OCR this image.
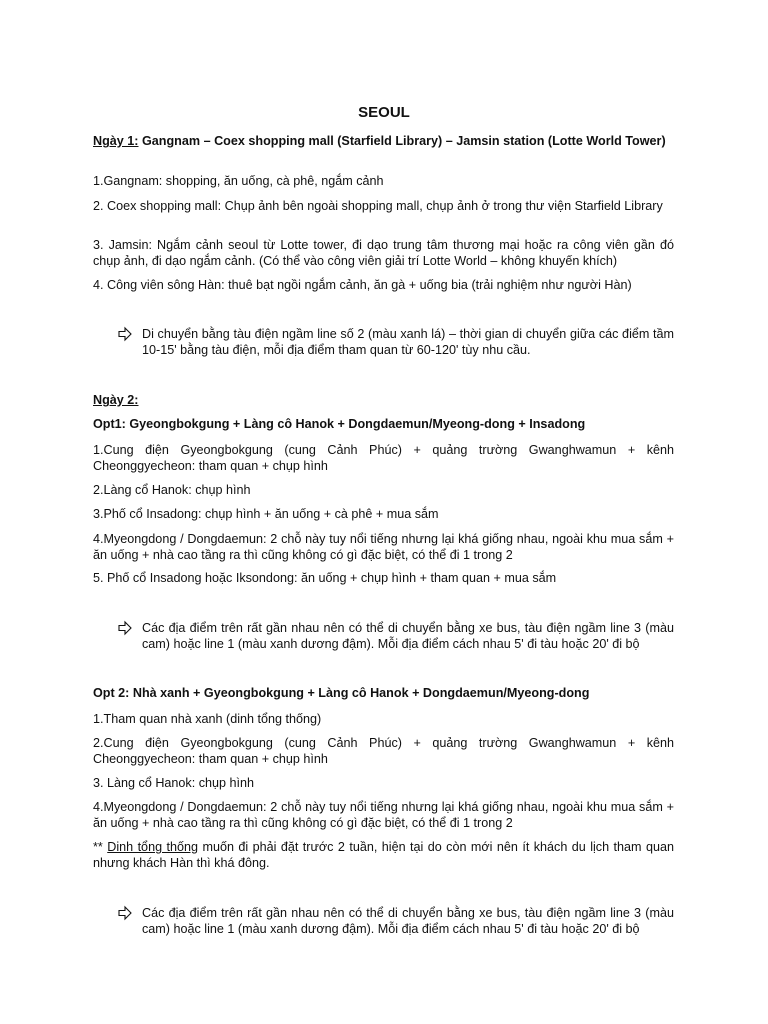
SEOUL
Ngày 1: Gangnam – Coex shopping mall (Starfield Library) – Jamsin station (Lotte World Tower)
1.Gangnam: shopping, ăn uống, cà phê, ngắm cảnh
2. Coex shopping mall: Chụp ảnh bên ngoài shopping mall, chụp ảnh ở trong thư viện Starfield Library
3. Jamsin: Ngắm cảnh seoul từ Lotte tower, đi dạo trung tâm thương mại hoặc ra công viên gần đó chụp ảnh, đi dạo ngắm cảnh. (Có thể vào công viên giải trí Lotte World – không khuyến khích)
4. Công viên sông Hàn: thuê bạt ngồi ngắm cảnh, ăn gà + uống bia (trải nghiệm như người Hàn)
Di chuyển bằng tàu điện ngầm line số 2 (màu xanh lá) – thời gian di chuyển giữa các điểm tầm 10-15' bằng tàu điện, mỗi địa điểm tham quan từ 60-120' tùy nhu cầu.
Ngày 2:
Opt1: Gyeongbokgung + Làng cô Hanok + Dongdaemun/Myeong-dong + Insadong
1.Cung điện Gyeongbokgung (cung Cảnh Phúc) + quảng trường Gwanghwamun + kênh Cheonggyecheon: tham quan + chụp hình
2.Làng cổ Hanok: chụp hình
3.Phố cổ Insadong: chụp hình + ăn uống + cà phê + mua sắm
4.Myeongdong / Dongdaemun: 2 chỗ này tuy nổi tiếng nhưng lại khá giống nhau, ngoài khu mua sắm + ăn uống + nhà cao tầng ra thì cũng không có gì đặc biệt, có thể đi 1 trong 2
5. Phố cổ Insadong hoặc Iksondong: ăn uống + chụp hình + tham quan + mua sắm
Các địa điểm trên rất gần nhau nên có thể di chuyển bằng xe bus, tàu điện ngầm line 3 (màu cam) hoặc line 1 (màu xanh dương đậm). Mỗi địa điểm cách nhau 5' đi tàu hoặc 20' đi bộ
Opt 2: Nhà xanh + Gyeongbokgung + Làng cô Hanok + Dongdaemun/Myeong-dong
1.Tham quan nhà xanh (dinh tổng thống)
2.Cung điện Gyeongbokgung (cung Cảnh Phúc) + quảng trường Gwanghwamun + kênh Cheonggyecheon: tham quan + chụp hình
3. Làng cổ Hanok: chụp hình
4.Myeongdong / Dongdaemun: 2 chỗ này tuy nổi tiếng nhưng lại khá giống nhau, ngoài khu mua sắm + ăn uống + nhà cao tầng ra thì cũng không có gì đặc biệt, có thể đi 1 trong 2
** Dinh tổng thống muốn đi phải đặt trước 2 tuần, hiện tại do còn mới nên ít khách du lịch tham quan nhưng khách Hàn thì khá đông.
Các địa điểm trên rất gần nhau nên có thể di chuyển bằng xe bus, tàu điện ngầm line 3 (màu cam) hoặc line 1 (màu xanh dương đậm). Mỗi địa điểm cách nhau 5' đi tàu hoặc 20' đi bộ
